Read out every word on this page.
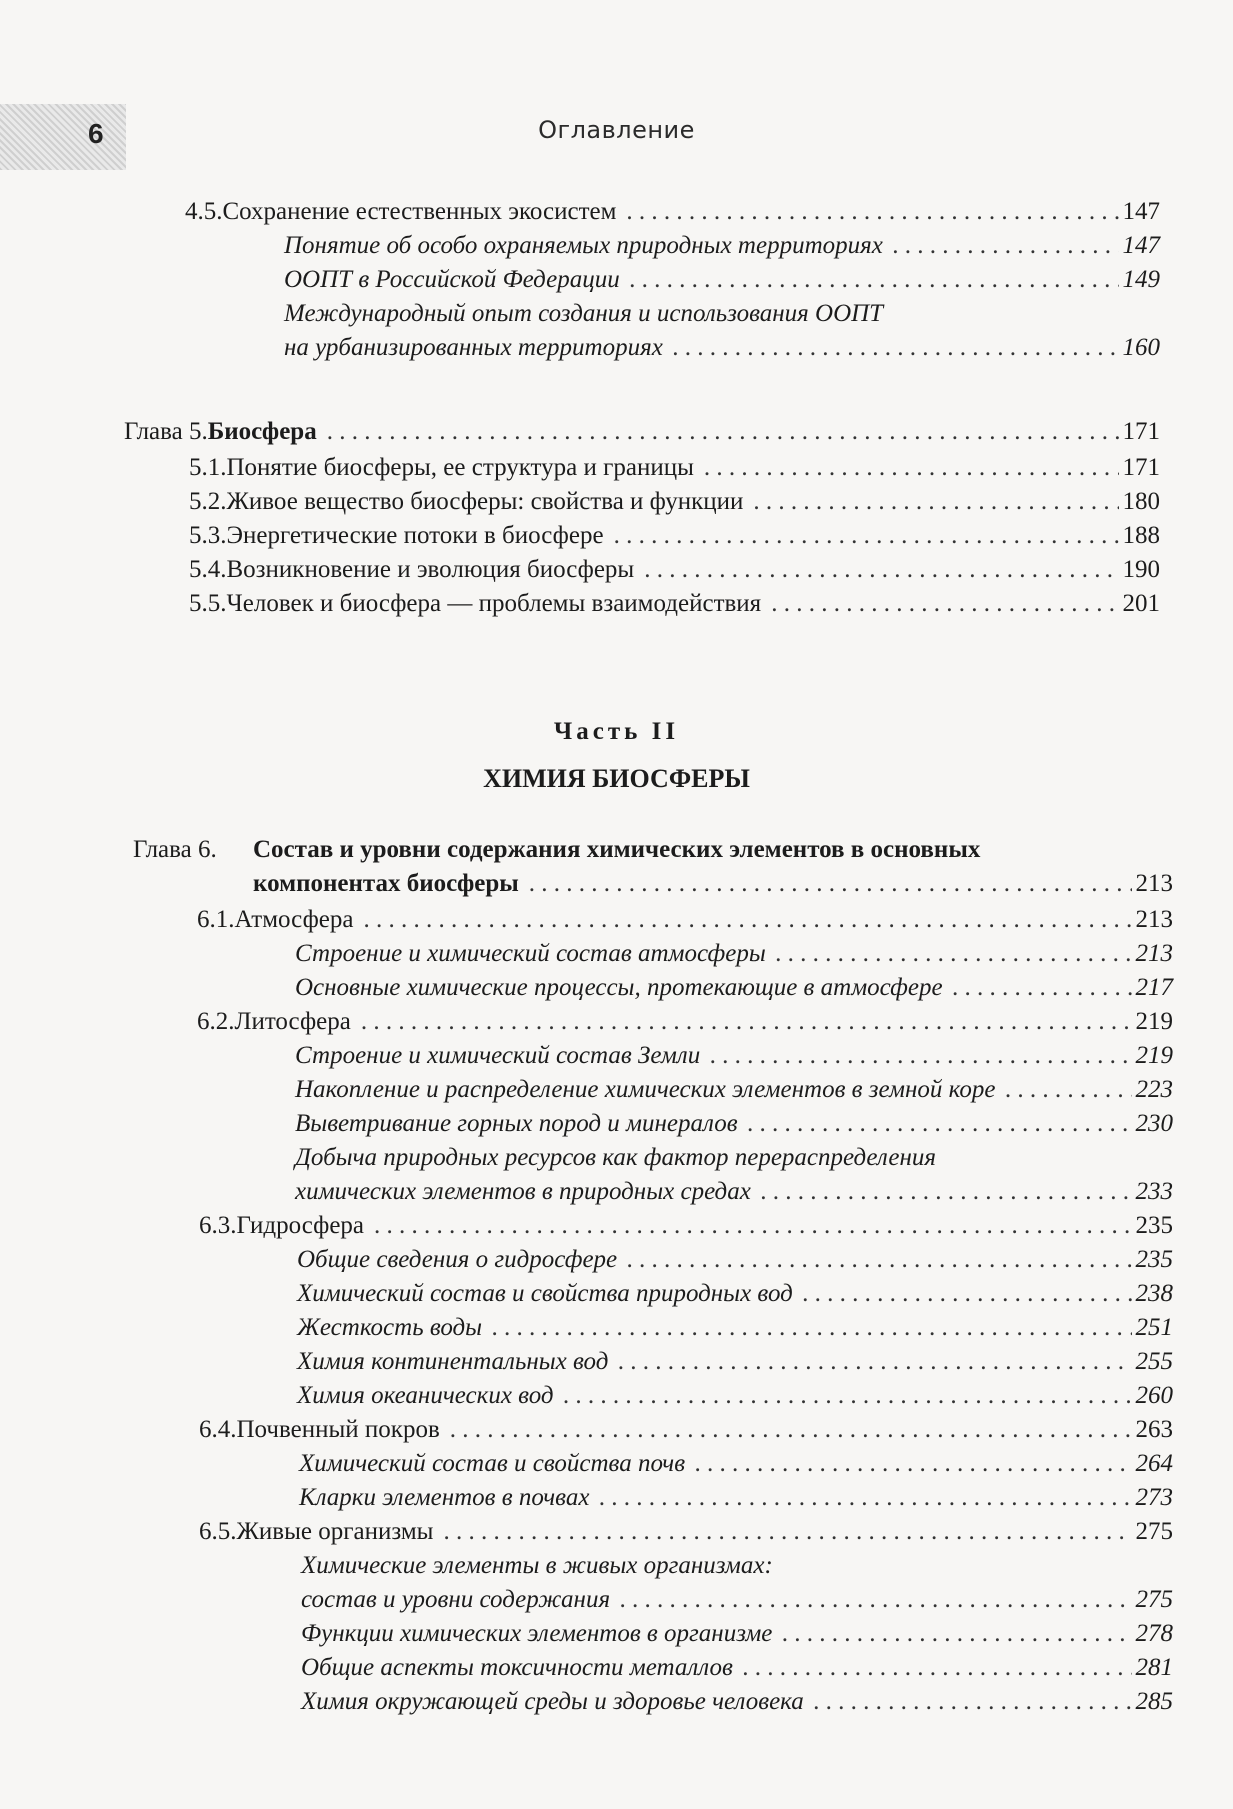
6	Оглавление
4.5. Сохранение естественных экосистем . . .	147
Понятие об особо охраняемых природных территориях . . .	147
ООПТ в Российской Федерации . . .	149
Международный опыт создания и использования ООПТ
на урбанизированных территориях . . .	160
Глава 5. Биосфера . . .	171
5.1. Понятие биосферы, ее структура и границы . . .	171
5.2. Живое вещество биосферы: свойства и функции . . .	180
5.3. Энергетические потоки в биосфере . . .	188
5.4. Возникновение и эволюция биосферы . . .	190
5.5. Человек и биосфера — проблемы взаимодействия . . .	201
Часть II
ХИМИЯ БИОСФЕРЫ
Глава 6. Состав и уровни содержания химических элементов в основных
компонентах биосферы . . .	213
6.1. Атмосфера . . .	213
Строение и химический состав атмосферы . . .	213
Основные химические процессы, протекающие в атмосфере . . .	217
6.2. Литосфера . . .	219
Строение и химический состав Земли . . .	219
Накопление и распределение химических элементов в земной коре . . .	223
Выветривание горных пород и минералов . . .	230
Добыча природных ресурсов как фактор перераспределения
химических элементов в природных средах . . .	233
6.3. Гидросфера . . .	235
Общие сведения о гидросфере . . .	235
Химический состав и свойства природных вод . . .	238
Жесткость воды . . .	251
Химия континентальных вод . . .	255
Химия океанических вод . . .	260
6.4. Почвенный покров . . .	263
Химический состав и свойства почв . . .	264
Кларки элементов в почвах . . .	273
6.5. Живые организмы . . .	275
Химические элементы в живых организмах:
состав и уровни содержания . . .	275
Функции химических элементов в организме . . .	278
Общие аспекты токсичности металлов . . .	281
Химия окружающей среды и здоровье человека . . .	285
